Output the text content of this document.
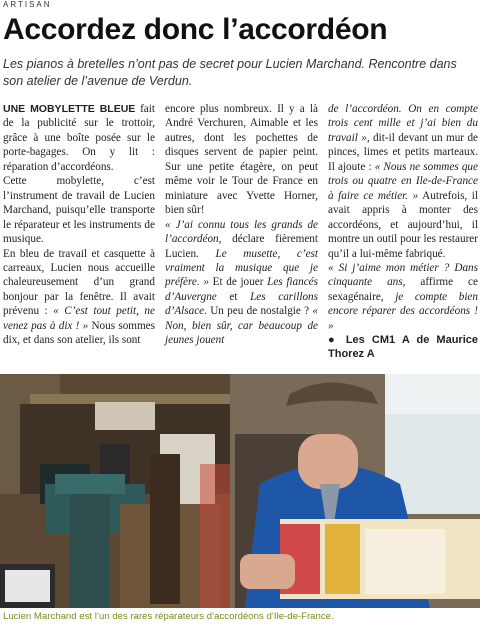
ARTISAN
Accordez donc l’accordéon
Les pianos à bretelles n’ont pas de secret pour Lucien Marchand. Rencontre dans son atelier de l’avenue de Verdun.

UNE MOBYLETTE BLEUE fait de la publicité sur le trottoir, grâce à une boîte posée sur le porte-bagages. On y lit : réparation d’accordéons.

Cette mobylette, c’est l’instrument de travail de Lucien Marchand, puisqu’elle transporte le réparateur et les instruments de musique.

En bleu de travail et casquette à carreaux, Lucien nous accueille chaleureusement d’un grand bonjour par la fenêtre. Il avait prévenu : « C’est tout petit, ne venez pas à dix ! » Nous sommes dix, et dans son atelier, ils sont

encore plus nombreux. Il y a là André Verchuren, Aimable et les autres, dont les pochettes de disques servent de papier peint. Sur une petite étagère, on peut même voir le Tour de France en miniature avec Yvette Horner, bien sûr!

« J’ai connu tous les grands de l’accordéon, déclare fièrement Lucien. Le musette, c’est vraiment la musique que je préfère. » Et de jouer Les fiancés d’Auvergne et Les carillons d’Alsace. Un peu de nostalgie ? « Non, bien sûr, car beaucoup de jeunes jouent

de l’accordéon. On en compte trois cent mille et j’ai bien du travail », dit-il devant un mur de pinces, limes et petits marteaux. Il ajoute : « Nous ne sommes que trois ou quatre en Ile-de-France à faire ce métier. » Autrefois, il avait appris à monter des accordéons, et aujourd’hui, il montre un outil pour les restaurer qu’il a lui-même fabriqué.

« Si j’aime mon métier ? Dans cinquante ans, affirme ce sexagénaire, je compte bien encore réparer des accordéons ! »

● Les CM1 A de Maurice Thorez A

Lucien Marchand est l’un des rares réparateurs d’accordéons d’Ile-de-France.
